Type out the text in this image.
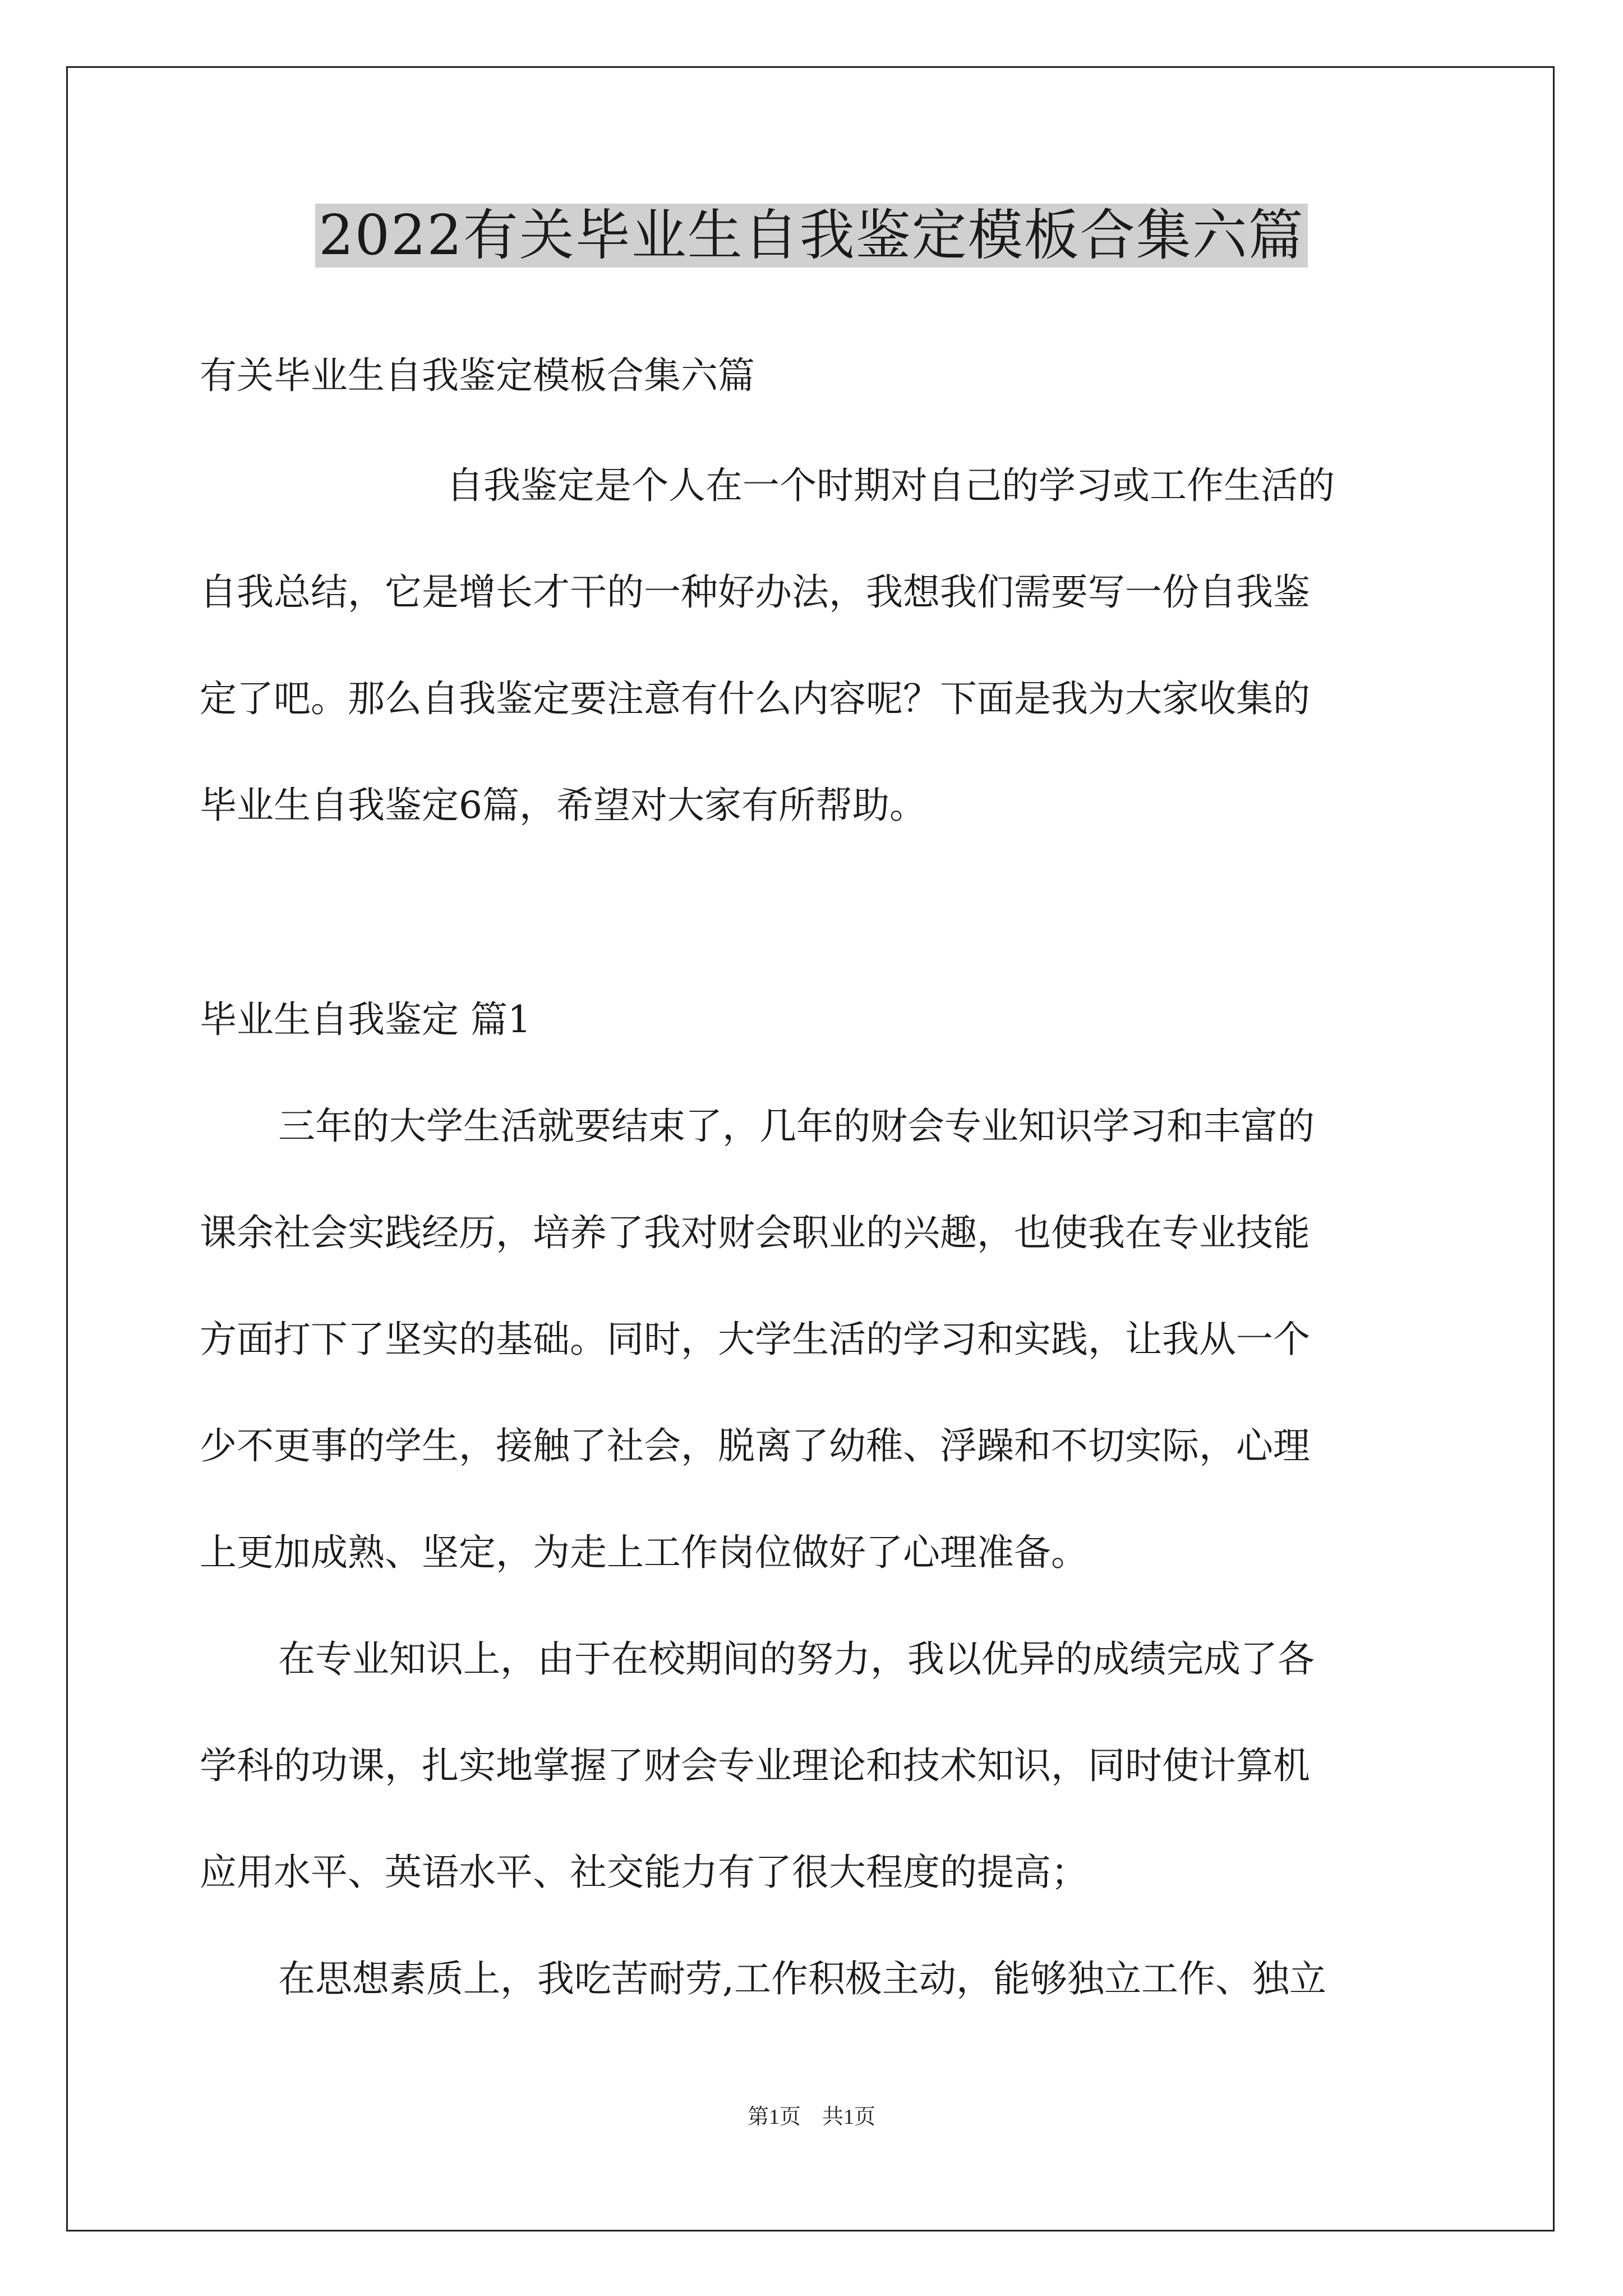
2022有关毕业生自我鉴定模板合集六篇
有关毕业生自我鉴定模板合集六篇
自我鉴定是个人在一个时期对自己的学习或工作生活的
自我总结，它是增长才干的一种好办法，我想我们需要写一份自我鉴
定了吧。那么自我鉴定要注意有什么内容呢？下面是我为大家收集的
毕业生自我鉴定6篇，希望对大家有所帮助。
毕业生自我鉴定 篇1
三年的大学生活就要结束了，几年的财会专业知识学习和丰富的
课余社会实践经历，培养了我对财会职业的兴趣，也使我在专业技能
方面打下了坚实的基础。同时，大学生活的学习和实践，让我从一个
少不更事的学生，接触了社会，脱离了幼稚、浮躁和不切实际，心理
上更加成熟、坚定，为走上工作岗位做好了心理准备。
在专业知识上，由于在校期间的努力，我以优异的成绩完成了各
学科的功课，扎实地掌握了财会专业理论和技术知识，同时使计算机
应用水平、英语水平、社交能力有了很大程度的提高；
在思想素质上，我吃苦耐劳,工作积极主动，能够独立工作、独立
第1页　共1页
